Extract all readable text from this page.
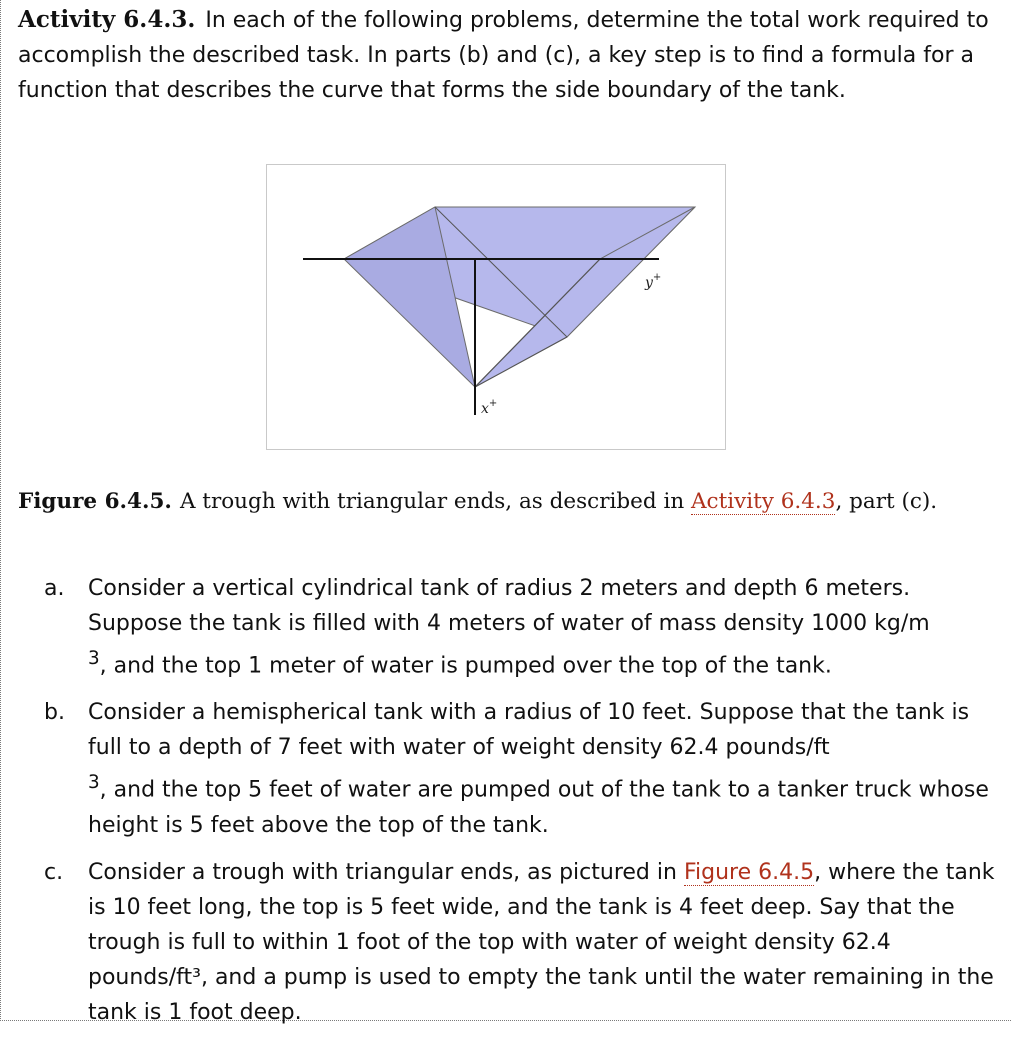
Activity 6.4.3. In each of the following problems, determine the total work required to accomplish the described task. In parts (b) and (c), a key step is to find a formula for a function that describes the curve that forms the side boundary of the tank.
y+
x+
Figure 6.4.5. A trough with triangular ends, as described in Activity 6.4.3, part (c).
a. Consider a vertical cylindrical tank of radius 2 meters and depth 6 meters. Suppose the tank is filled with 4 meters of water of mass density 1000 kg/m
$^3$, and the top 1 meter of water is pumped over the top of the tank.
b. Consider a hemispherical tank with a radius of 10 feet. Suppose that the tank is full to a depth of 7 feet with water of weight density 62.4 pounds/ft
$^3$, and the top 5 feet of water are pumped out of the tank to a tanker truck whose height is 5 feet above the top of the tank.
c. Consider a trough with triangular ends, as pictured in Figure 6.4.5, where the tank is 10 feet long, the top is 5 feet wide, and the tank is 4 feet deep. Say that the trough is full to within 1 foot of the top with water of weight density 62.4 pounds/ft³, and a pump is used to empty the tank until the water remaining in the tank is 1 foot deep.
